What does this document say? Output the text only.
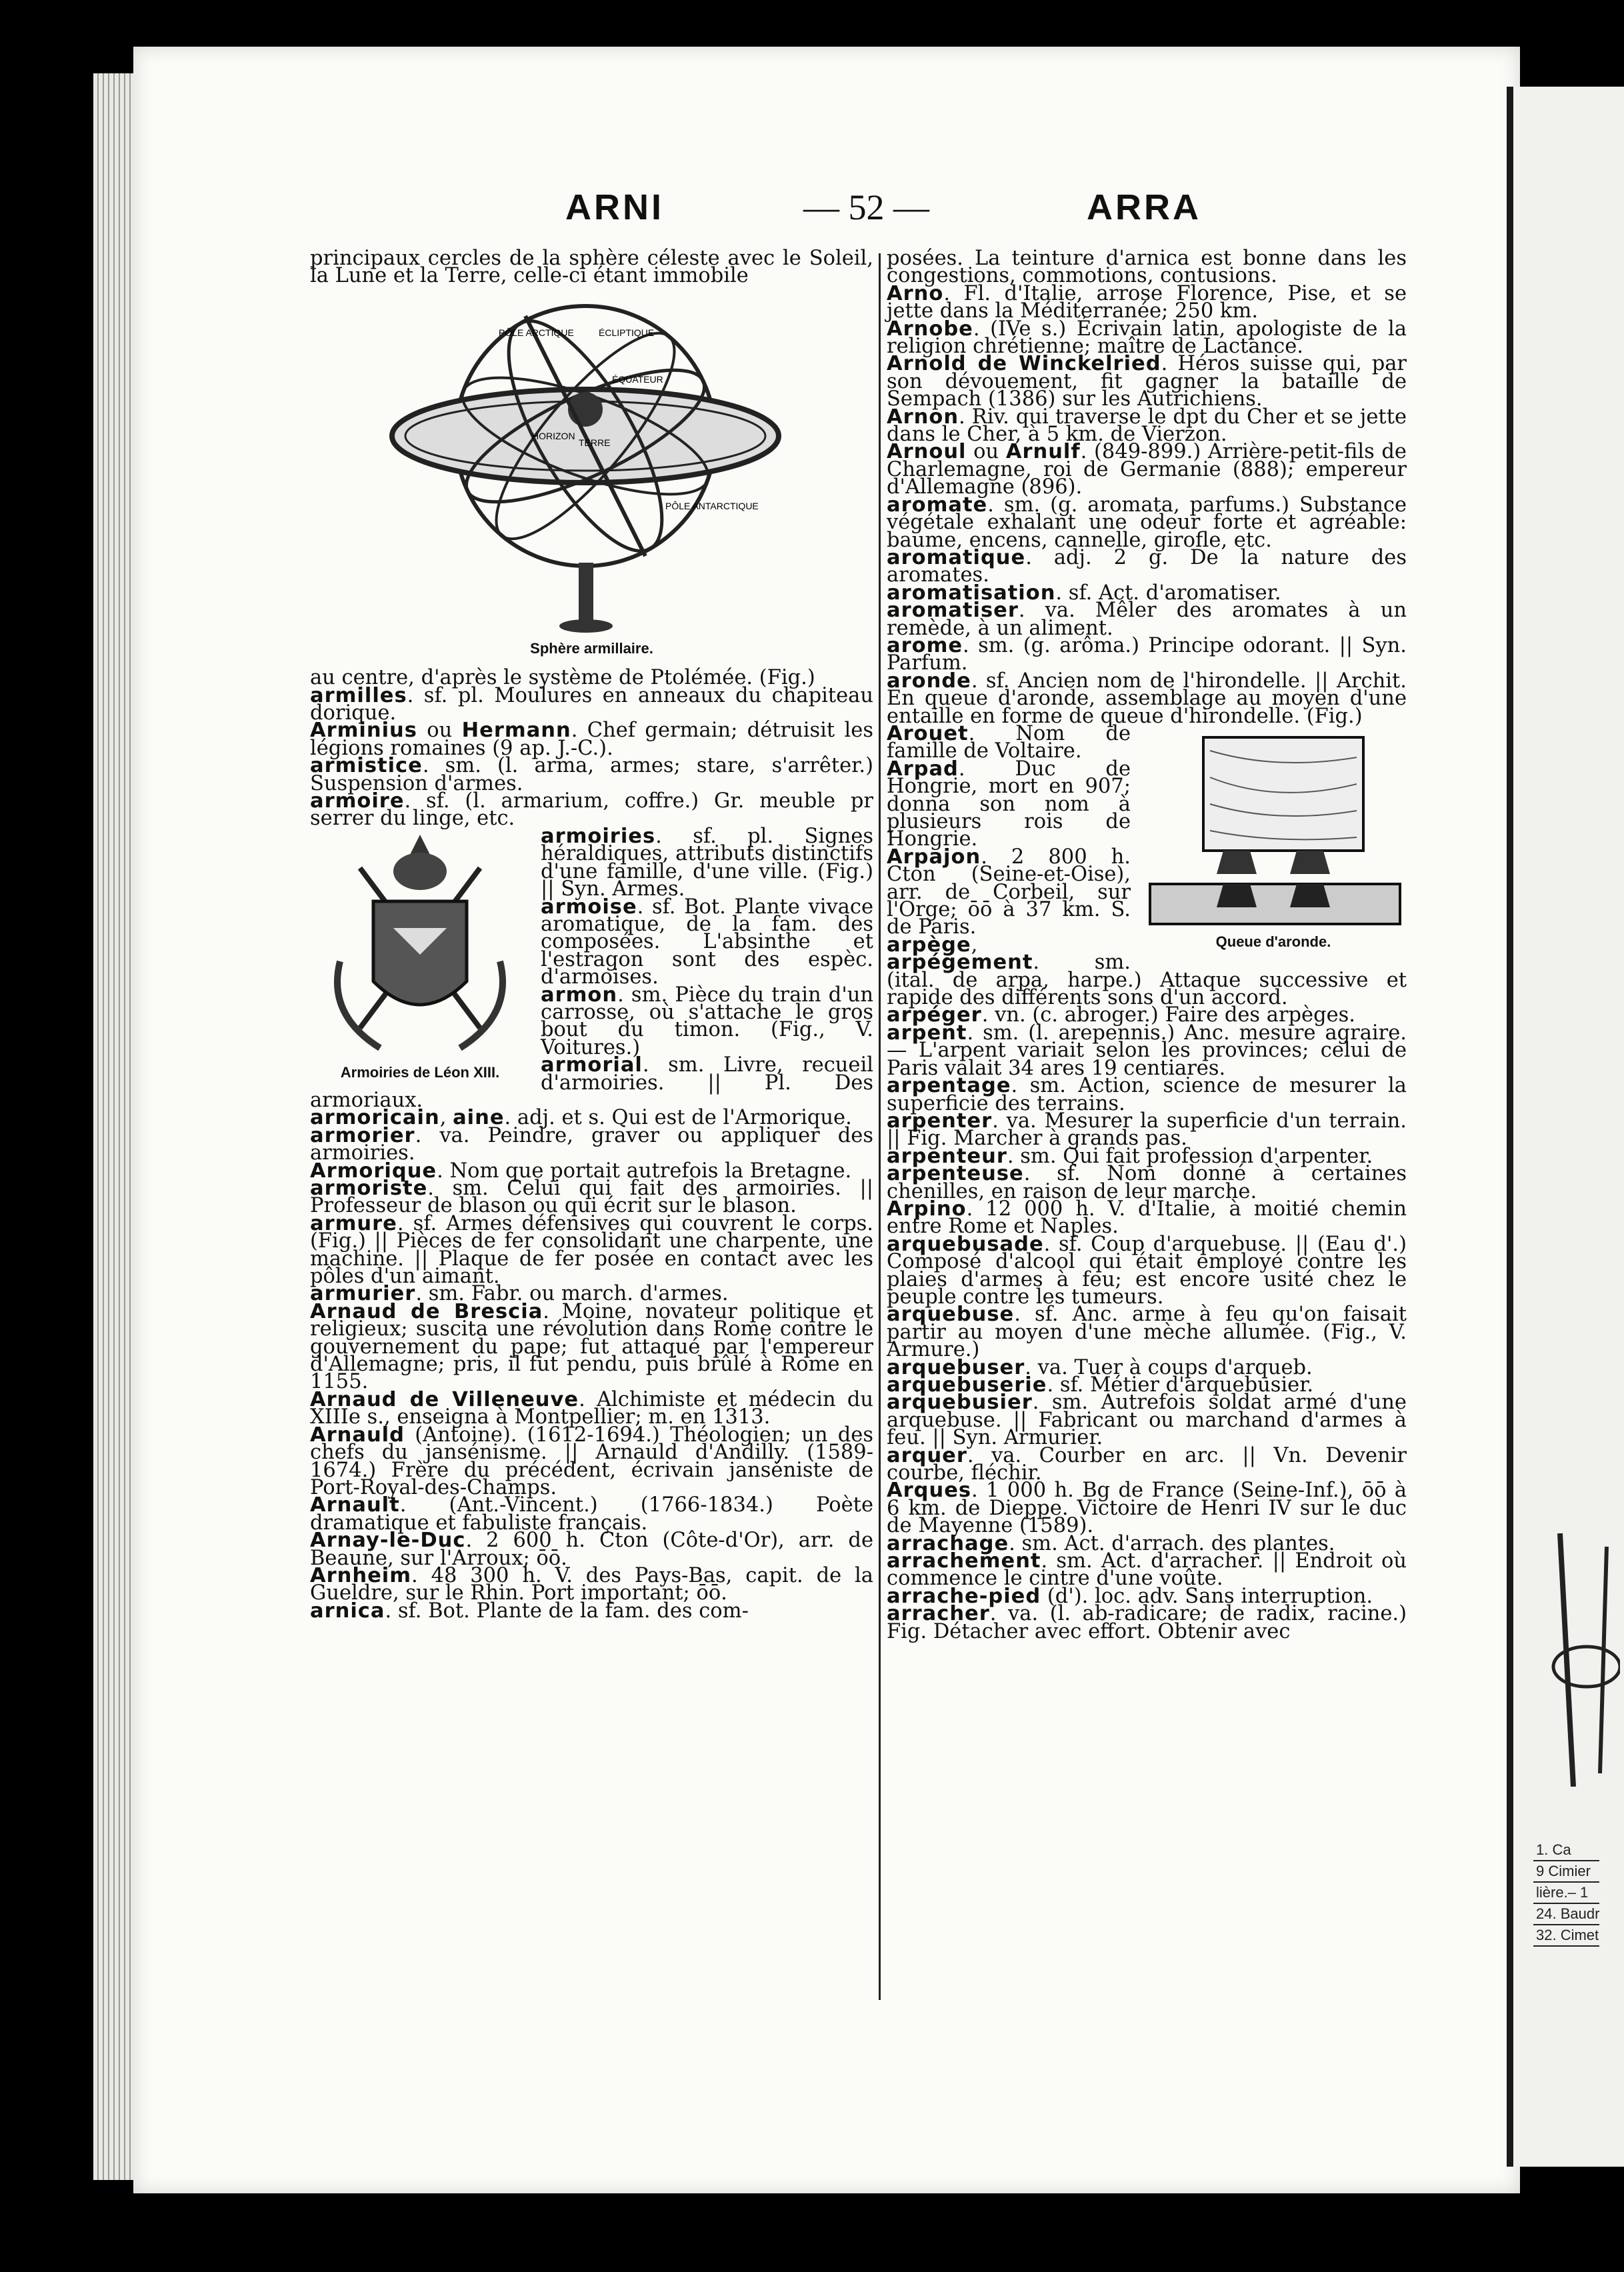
1. Ca
9 Cimier
lière.– 1
24. Baudr
32. Cimet
ARNI	— 52 —	ARRA

principaux cercles de la sphère céleste avec le Soleil, la Lune et la Terre, celle-ci étant immobile

PÔLE ARCTIQUE	ÉCLIPTIQUE
ÉQUATEUR
TERRE
HORIZON
PÔLE ANTARCTIQUE
Sphère armillaire.

au centre, d'après le système de Ptolémée. (Fig.)

armilles. sf. pl. Moulures en anneaux du chapiteau dorique.

Arminius ou Hermann. Chef germain; détruisit les légions romaines (9 ap. J.-C.).

armistice. sm. (l. arma, armes; stare, s'arrêter.) Suspension d'armes.

armoire. sf. (l. armarium, coffre.) Gr. meuble pr serrer du linge, etc.

Armoiries de Léon XIII.

armoiries. sf. pl. Signes héraldiques, attributs distinctifs d'une famille, d'une ville. (Fig.) || Syn. Armes.

armoise. sf. Bot. Plante vivace aromatique, de la fam. des composées. L'absinthe et l'estragon sont des espèc. d'armoises.

armon. sm. Pièce du train d'un carrosse, où s'attache le gros bout du timon. (Fig., V. Voitures.)

armorial. sm. Livre, recueil d'armoiries. || Pl. Des armoriaux.

armoricain, aine. adj. et s. Qui est de l'Armorique.

armorier. va. Peindre, graver ou appliquer des armoiries.

Armorique. Nom que portait autrefois la Bretagne.

armoriste. sm. Celui qui fait des armoiries. || Professeur de blason ou qui écrit sur le blason.

armure. sf. Armes défensives qui couvrent le corps. (Fig.) || Pièces de fer consolidant une charpente, une machine. || Plaque de fer posée en contact avec les pôles d'un aimant.

armurier. sm. Fabr. ou march. d'armes.

Arnaud de Brescia. Moine, novateur politique et religieux; suscita une révolution dans Rome contre le gouvernement du pape; fut attaqué par l'empereur d'Allemagne; pris, il fut pendu, puis brûlé à Rome en 1155.

Arnaud de Villeneuve. Alchimiste et médecin du XIIIe s., enseigna à Montpellier; m. en 1313.

Arnauld (Antoine). (1612-1694.) Théologien; un des chefs du jansénisme. || Arnauld d'Andilly. (1589-1674.) Frère du précédent, écrivain janséniste de Port-Royal-des-Champs.

Arnault. (Ant.-Vincent.) (1766-1834.) Poète dramatique et fabuliste français.

Arnay-le-Duc. 2 600 h. Cton (Côte-d'Or), arr. de Beaune, sur l'Arroux; ōō.

Arnheim. 48 300 h. V. des Pays-Bas, capit. de la Gueldre, sur le Rhin. Port important; ōō.

arnica. sf. Bot. Plante de la fam. des com-

posées. La teinture d'arnica est bonne dans les congestions, commotions, contusions.

Arno. Fl. d'Italie, arrose Florence, Pise, et se jette dans la Méditerranée; 250 km.

Arnobe. (IVe s.) Écrivain latin, apologiste de la religion chrétienne; maître de Lactance.

Arnold de Winckelried. Héros suisse qui, par son dévouement, fit gagner la bataille de Sempach (1386) sur les Autrichiens.

Arnon. Riv. qui traverse le dpt du Cher et se jette dans le Cher, à 5 km. de Vierzon.

Arnoul ou Arnulf. (849-899.) Arrière-petit-fils de Charlemagne, roi de Germanie (888); empereur d'Allemagne (896).

aromate. sm. (g. aromata, parfums.) Substance végétale exhalant une odeur forte et agréable: baume, encens, cannelle, girofle, etc.

aromatique. adj. 2 g. De la nature des aromates.

aromatisation. sf. Act. d'aromatiser.

aromatiser. va. Mêler des aromates à un remède, à un aliment.

arome. sm. (g. arôma.) Principe odorant. || Syn. Parfum.

aronde. sf. Ancien nom de l'hirondelle. || Archit. En queue d'aronde, assemblage au moyen d'une entaille en forme de queue d'hirondelle. (Fig.)

Queue d'aronde.

Arouet. Nom de famille de Voltaire.

Arpad. Duc de Hongrie, mort en 907; donna son nom à plusieurs rois de Hongrie.

Arpajon. 2 800 h. Cton (Seine-et-Oise), arr. de Corbeil, sur l'Orge; ōō à 37 km. S. de Paris.

arpège, arpégement. sm. (ital. de arpa, harpe.) Attaque successive et rapide des différents sons d'un accord.

arpéger. vn. (c. abroger.) Faire des arpèges.

arpent. sm. (l. arepennis.) Anc. mesure agraire.— L'arpent variait selon les provinces; celui de Paris valait 34 ares 19 centiares.

arpentage. sm. Action, science de mesurer la superficie des terrains.

arpenter. va. Mesurer la superficie d'un terrain. || Fig. Marcher à grands pas.

arpenteur. sm. Qui fait profession d'arpenter.

arpenteuse. sf. Nom donné à certaines chenilles, en raison de leur marche.

Arpino. 12 000 h. V. d'Italie, à moitié chemin entre Rome et Naples.

arquebusade. sf. Coup d'arquebuse. || (Eau d'.) Composé d'alcool qui était employé contre les plaies d'armes à feu; est encore usité chez le peuple contre les tumeurs.

arquebuse. sf. Anc. arme à feu qu'on faisait partir au moyen d'une mèche allumée. (Fig., V. Armure.)

arquebuser. va. Tuer à coups d'arqueb.

arquebuserie. sf. Métier d'arquebusier.

arquebusier. sm. Autrefois soldat armé d'une arquebuse. || Fabricant ou marchand d'armes à feu. || Syn. Armurier.

arquer. va. Courber en arc. || Vn. Devenir courbe, fléchir.

Arques. 1 000 h. Bg de France (Seine-Inf.), ōō à 6 km. de Dieppe. Victoire de Henri IV sur le duc de Mayenne (1589).

arrachage. sm. Act. d'arrach. des plantes.

arrachement. sm. Act. d'arracher. || Endroit où commence le cintre d'une voûte.

arrache-pied (d'). loc. adv. Sans interruption.

arracher. va. (l. ab-radicare; de radix, racine.) Fig. Détacher avec effort. Obtenir avec
